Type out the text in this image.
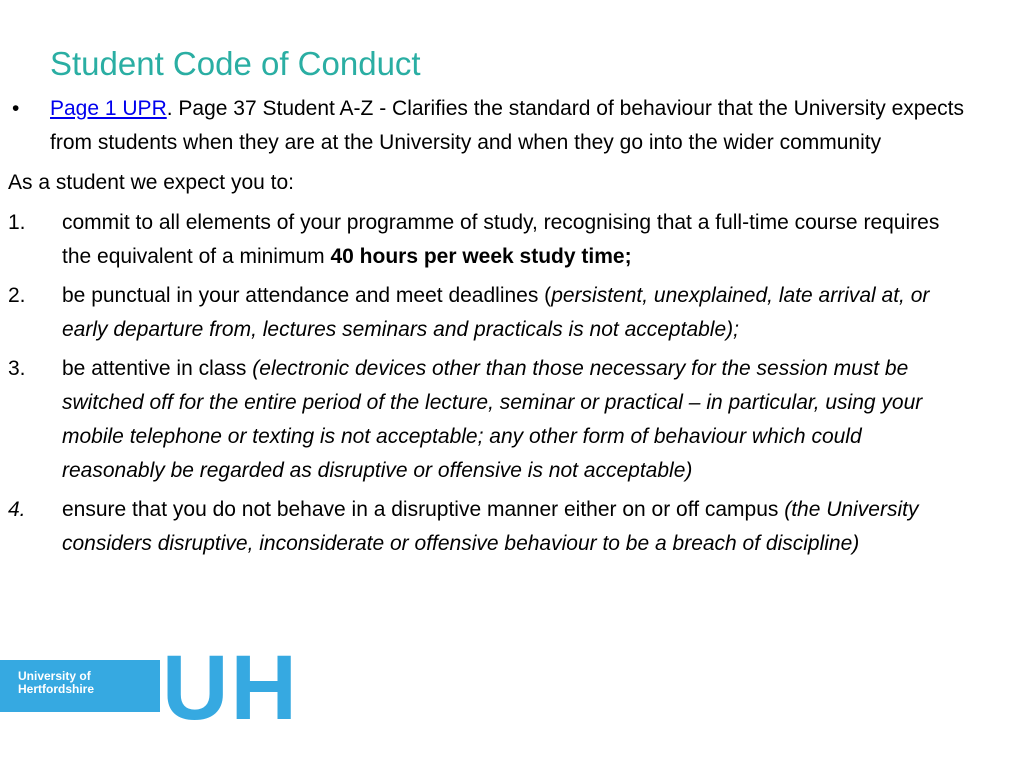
University of
Hertfordshire UH
Student Code of Conduct
• Page 1 UPR. Page 37 Student A-Z - Clarifies the standard of behaviour that the University expects from students when they are at the University and when they go into the wider community
As a student we expect you to:
1. commit to all elements of your programme of study, recognising that a full-time course requires the equivalent of a minimum 40 hours per week study time;
2. be punctual in your attendance and meet deadlines (persistent, unexplained, late arrival at, or early departure from, lectures seminars and practicals is not acceptable);
3. be attentive in class (electronic devices other than those necessary for the session must be switched off for the entire period of the lecture, seminar or practical – in particular, using your mobile telephone or texting is not acceptable; any other form of behaviour which could reasonably be regarded as disruptive or offensive is not acceptable)
4. ensure that you do not behave in a disruptive manner either on or off campus (the University considers disruptive, inconsiderate or offensive behaviour to be a breach of discipline)
